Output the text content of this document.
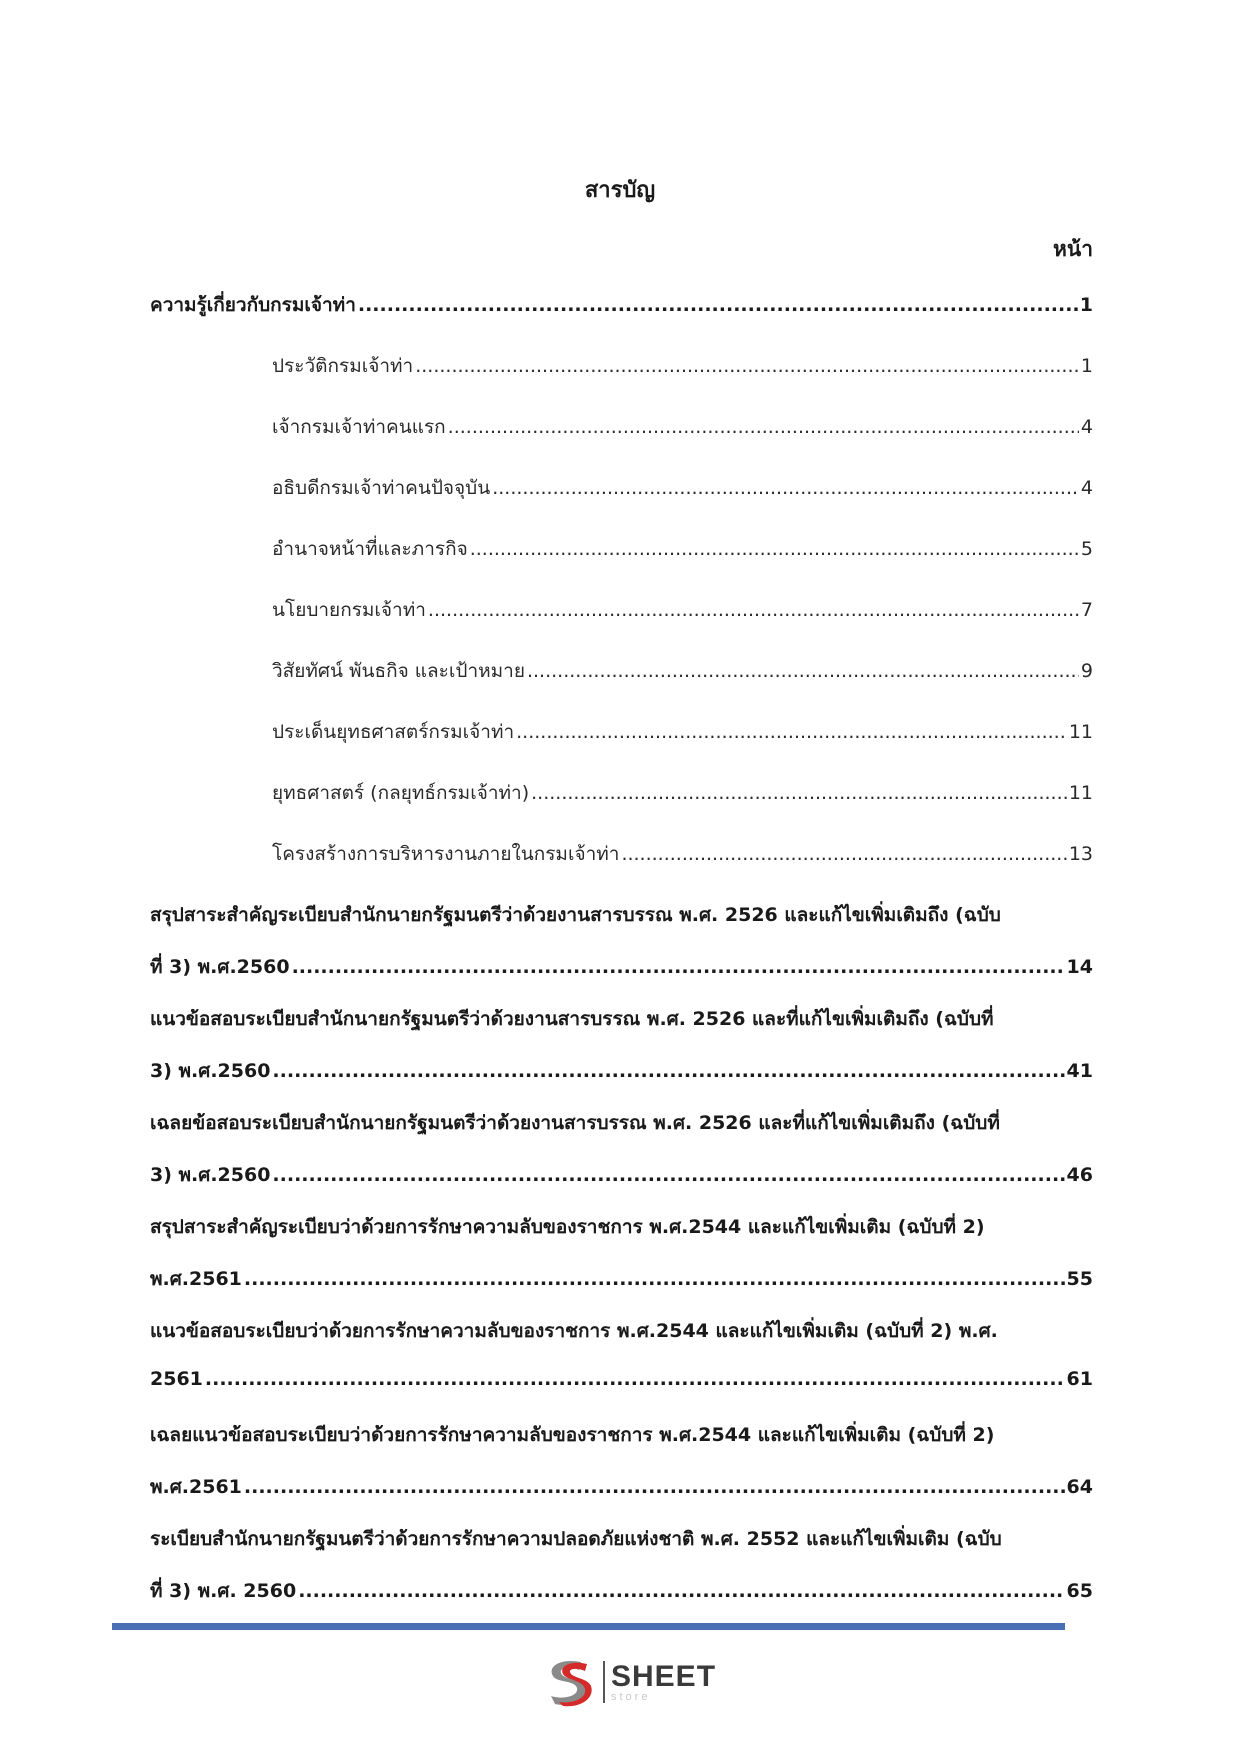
สารบัญ
หน้า
ความรู้เกี่ยวกับกรมเจ้าท่า .....	1
ประวัติกรมเจ้าท่า .....	1
เจ้ากรมเจ้าท่าคนแรก .....	4
อธิบดีกรมเจ้าท่าคนปัจจุบัน .....	4
อำนาจหน้าที่และภารกิจ .....	5
นโยบายกรมเจ้าท่า .....	7
วิสัยทัศน์ พันธกิจ และเป้าหมาย .....	9
ประเด็นยุทธศาสตร์กรมเจ้าท่า .....	11
ยุทธศาสตร์ (กลยุทธ์กรมเจ้าท่า) .....	11
โครงสร้างการบริหารงานภายในกรมเจ้าท่า .....	13
สรุปสาระสำคัญระเบียบสำนักนายกรัฐมนตรีว่าด้วยงานสารบรรณ พ.ศ. 2526 และแก้ไขเพิ่มเติมถึง (ฉบับ
ที่ 3) พ.ศ.2560 .....	14
แนวข้อสอบระเบียบสำนักนายกรัฐมนตรีว่าด้วยงานสารบรรณ พ.ศ. 2526 และที่แก้ไขเพิ่มเติมถึง (ฉบับที่
3) พ.ศ.2560 .....	41
เฉลยข้อสอบระเบียบสำนักนายกรัฐมนตรีว่าด้วยงานสารบรรณ พ.ศ. 2526 และที่แก้ไขเพิ่มเติมถึง (ฉบับที่
3) พ.ศ.2560 .....	46
สรุปสาระสำคัญระเบียบว่าด้วยการรักษาความลับของราชการ พ.ศ.2544 และแก้ไขเพิ่มเติม (ฉบับที่ 2)
พ.ศ.2561 .....	55
แนวข้อสอบระเบียบว่าด้วยการรักษาความลับของราชการ พ.ศ.2544 และแก้ไขเพิ่มเติม (ฉบับที่ 2) พ.ศ.
2561 .....	61
เฉลยแนวข้อสอบระเบียบว่าด้วยการรักษาความลับของราชการ พ.ศ.2544 และแก้ไขเพิ่มเติม (ฉบับที่ 2)
พ.ศ.2561 .....	64
ระเบียบสำนักนายกรัฐมนตรีว่าด้วยการรักษาความปลอดภัยแห่งชาติ พ.ศ. 2552 และแก้ไขเพิ่มเติม (ฉบับ
ที่ 3) พ.ศ. 2560 .....	65
SHEET
store
